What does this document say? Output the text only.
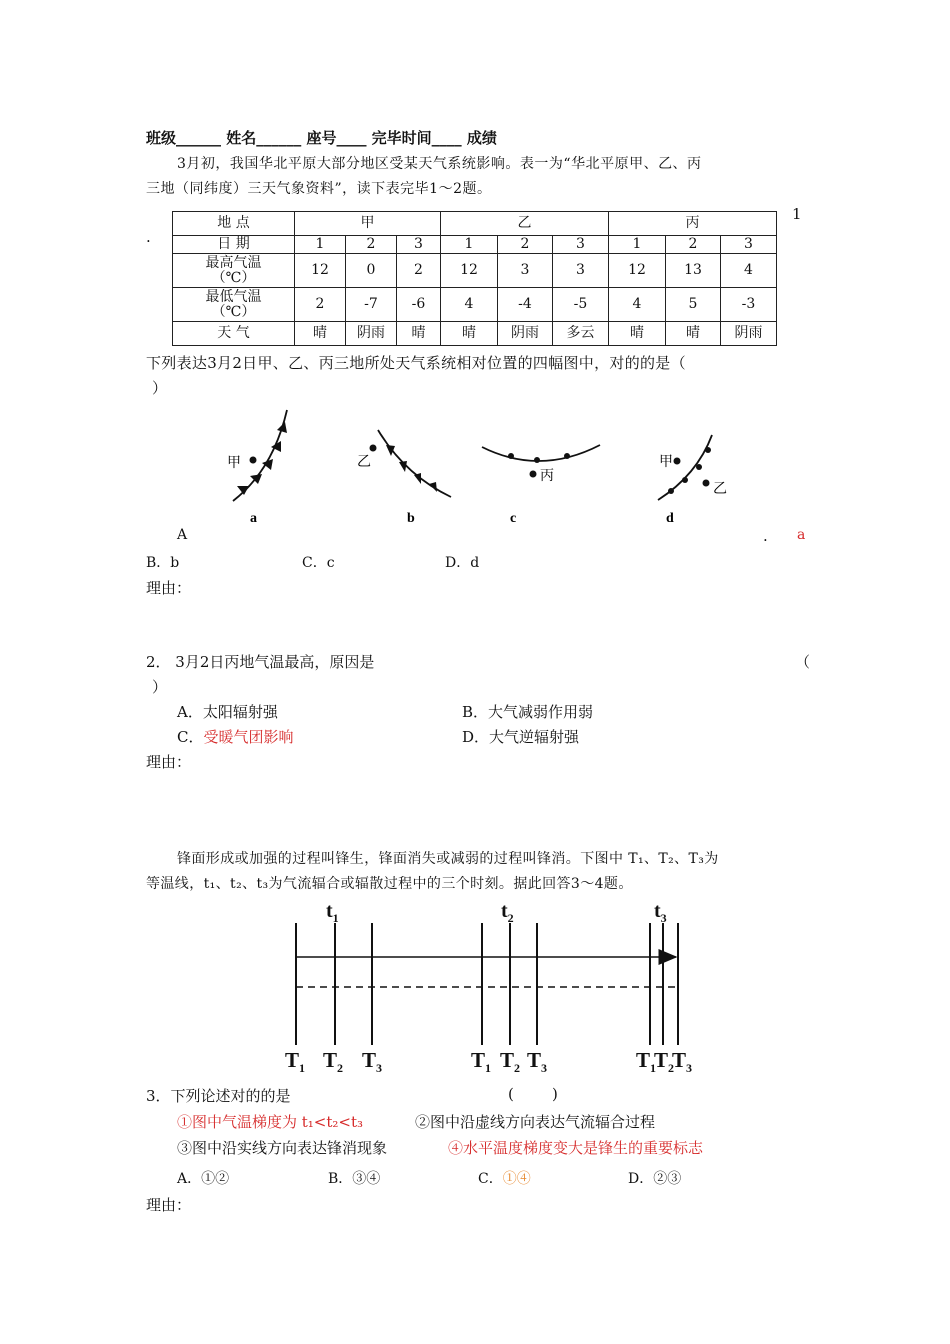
班级______ 姓名______ 座号____ 完毕时间____ 成绩
3月初，我国华北平原大部分地区受某天气系统影响。表一为“华北平原甲、乙、丙
三地（同纬度）三天气象资料”，读下表完毕1～2题。
1
.
地 点	甲			乙			丙		
日 期	1	2	3	1	2	3	1	2	3
最高气温
（℃）	12	0	2	12	3	3	12	13	4
最低气温
（℃）	2	-7	-6	4	-4	-5	4	5	-3
天 气	晴	阴雨	晴	晴	阴雨	多云	晴	晴	阴雨
下列表达3月2日甲、乙、丙三地所处天气系统相对位置的四幅图中，对的的是（
）
甲
a
乙
b
丙
c
甲
乙
d
A	. a
B．b	C．c	D．d
理由：
2． 3月2日丙地气温最高，原因是	（
）
A．太阳辐射强	B．大气减弱作用弱
C．受暖气团影响	D．大气逆辐射强
理由：
锋面形成或加强的过程叫锋生，锋面消失或减弱的过程叫锋消。下图中 T₁、T₂、T₃为
等温线，t₁、t₂、t₃为气流辐合或辐散过程中的三个时刻。据此回答3～4题。
$t_1$	$t_2$	$t_3$
$T_1$ $T_2$ $T_3$	$T_1$ $T_2$ $T_3$	$T_1$
$T_2$
$T_3$
3．下列论述对的的是	(        )
①图中气温梯度为 t₁<t₂<t₃	②图中沿虚线方向表达气流辐合过程
③图中沿实线方向表达锋消现象	④水平温度梯度变大是锋生的重要标志
A．①②	B．③④	C．①④	D．②③
理由：
